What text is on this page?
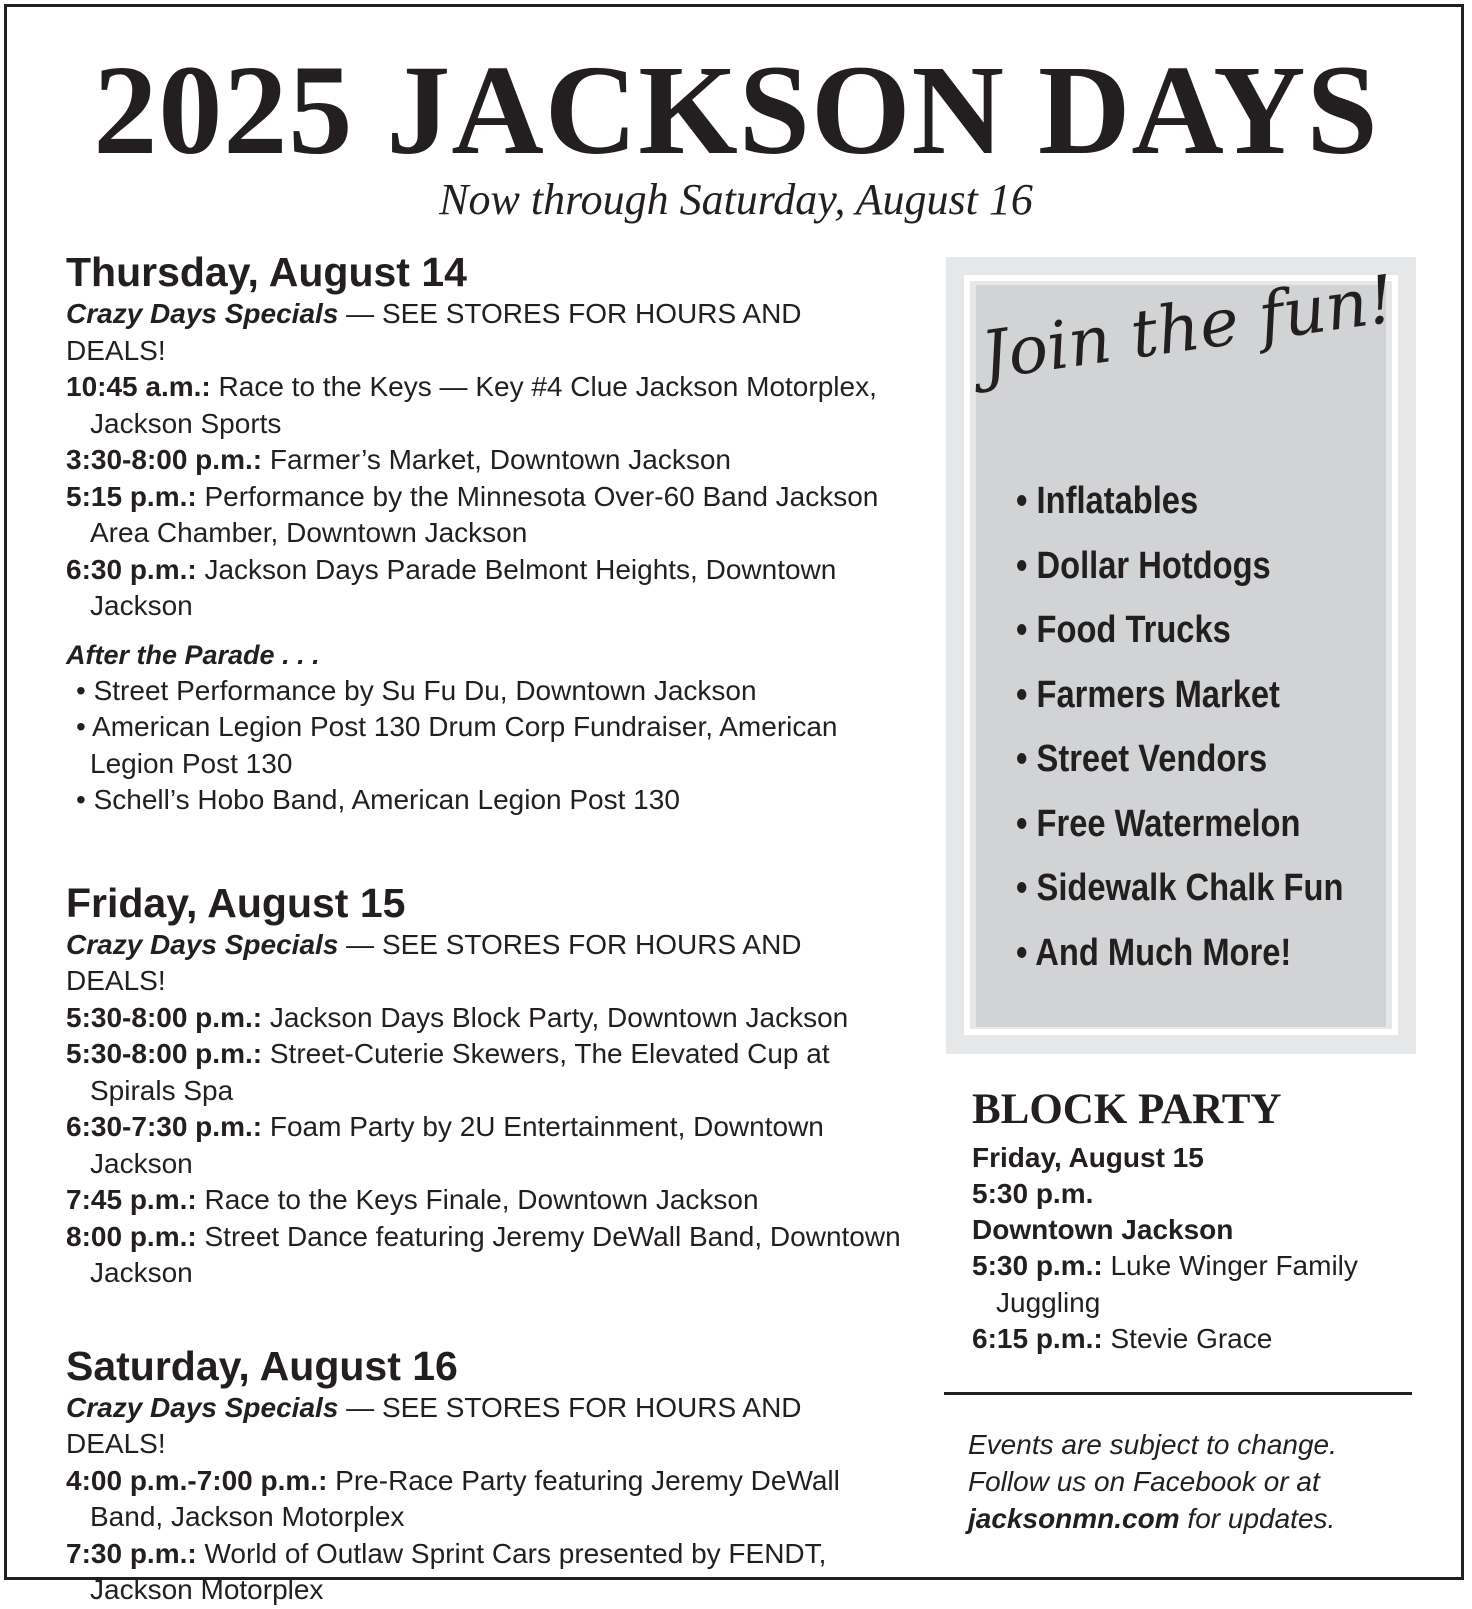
2025 JACKSON DAYS
Now through Saturday, August 16

Thursday, August 14

Crazy Days Specials — SEE STORES FOR HOURS AND DEALS!

10:45 a.m.: Race to the Keys — Key #4 Clue Jackson Motorplex, Jackson Sports

3:30-8:00 p.m.: Farmer’s Market, Downtown Jackson

5:15 p.m.: Performance by the Minnesota Over-60 Band Jackson Area Chamber, Downtown Jackson

6:30 p.m.: Jackson Days Parade Belmont Heights, Downtown Jackson

After the Parade . . .

• Street Performance by Su Fu Du, Downtown Jackson

• American Legion Post 130 Drum Corp Fundraiser, American Legion Post 130

• Schell’s Hobo Band, American Legion Post 130

Friday, August 15

Crazy Days Specials — SEE STORES FOR HOURS AND DEALS!

5:30-8:00 p.m.: Jackson Days Block Party, Downtown Jackson

5:30-8:00 p.m.: Street-Cuterie Skewers, The Elevated Cup at Spirals Spa

6:30-7:30 p.m.: Foam Party by 2U Entertainment, Downtown Jackson

7:45 p.m.: Race to the Keys Finale, Downtown Jackson

8:00 p.m.: Street Dance featuring Jeremy DeWall Band, Downtown Jackson

Saturday, August 16

Crazy Days Specials — SEE STORES FOR HOURS AND DEALS!

4:00 p.m.-7:00 p.m.: Pre-Race Party featuring Jeremy DeWall Band, Jackson Motorplex

7:30 p.m.: World of Outlaw Sprint Cars presented by FENDT, Jackson Motorplex

Join the fun!
• Inflatables
• Dollar Hotdogs
• Food Trucks
• Farmers Market
• Street Vendors
• Free Watermelon
• Sidewalk Chalk Fun
• And Much More!

BLOCK PARTY

Friday, August 15

5:30 p.m.

Downtown Jackson

5:30 p.m.: Luke Winger Family Juggling

6:15 p.m.: Stevie Grace

Events are subject to change.
Follow us on Facebook or at
jacksonmn.com for updates.
